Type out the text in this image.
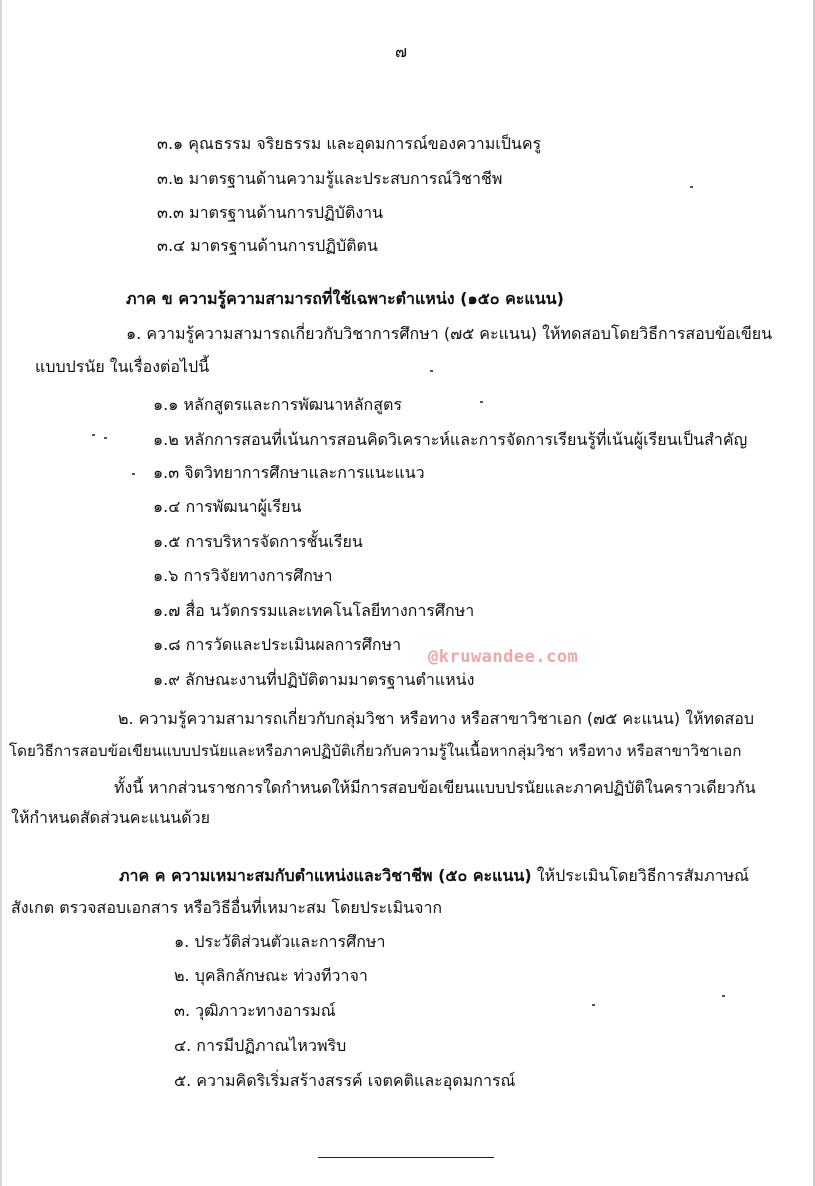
๗
๓.๑ คุณธรรม จริยธรรม และอุดมการณ์ของความเป็นครู
๓.๒ มาตรฐานด้านความรู้และประสบการณ์วิชาชีพ
๓.๓ มาตรฐานด้านการปฏิบัติงาน
๓.๔ มาตรฐานด้านการปฏิบัติตน
ภาค ข ความรู้ความสามารถที่ใช้เฉพาะตำแหน่ง (๑๕๐ คะแนน)
๑. ความรู้ความสามารถเกี่ยวกับวิชาการศึกษา (๗๕ คะแนน) ให้ทดสอบโดยวิธีการสอบข้อเขียน
แบบปรนัย ในเรื่องต่อไปนี้
๑.๑ หลักสูตรและการพัฒนาหลักสูตร
๑.๒ หลักการสอนที่เน้นการสอนคิดวิเคราะห์และการจัดการเรียนรู้ที่เน้นผู้เรียนเป็นสำคัญ
๑.๓ จิตวิทยาการศึกษาและการแนะแนว
๑.๔ การพัฒนาผู้เรียน
๑.๕ การบริหารจัดการชั้นเรียน
๑.๖ การวิจัยทางการศึกษา
๑.๗ สื่อ นวัตกรรมและเทคโนโลยีทางการศึกษา
๑.๘ การวัดและประเมินผลการศึกษา
๑.๙ ลักษณะงานที่ปฏิบัติตามมาตรฐานตำแหน่ง
@kruwandee.com
๒. ความรู้ความสามารถเกี่ยวกับกลุ่มวิชา หรือทาง หรือสาขาวิชาเอก (๗๕ คะแนน) ให้ทดสอบ
โดยวิธีการสอบข้อเขียนแบบปรนัยและหรือภาคปฏิบัติเกี่ยวกับความรู้ในเนื้อหากลุ่มวิชา หรือทาง หรือสาขาวิชาเอก
ทั้งนี้ หากส่วนราชการใดกำหนดให้มีการสอบข้อเขียนแบบปรนัยและภาคปฏิบัติในคราวเดียวกัน
ให้กำหนดสัดส่วนคะแนนด้วย
ภาค ค ความเหมาะสมกับตำแหน่งและวิชาชีพ (๕๐ คะแนน) ให้ประเมินโดยวิธีการสัมภาษณ์
สังเกต ตรวจสอบเอกสาร หรือวิธีอื่นที่เหมาะสม โดยประเมินจาก
๑. ประวัติส่วนตัวและการศึกษา
๒. บุคลิกลักษณะ ท่วงทีวาจา
๓. วุฒิภาวะทางอารมณ์
๔. การมีปฏิภาณไหวพริบ
๕. ความคิดริเริ่มสร้างสรรค์ เจตคติและอุดมการณ์
